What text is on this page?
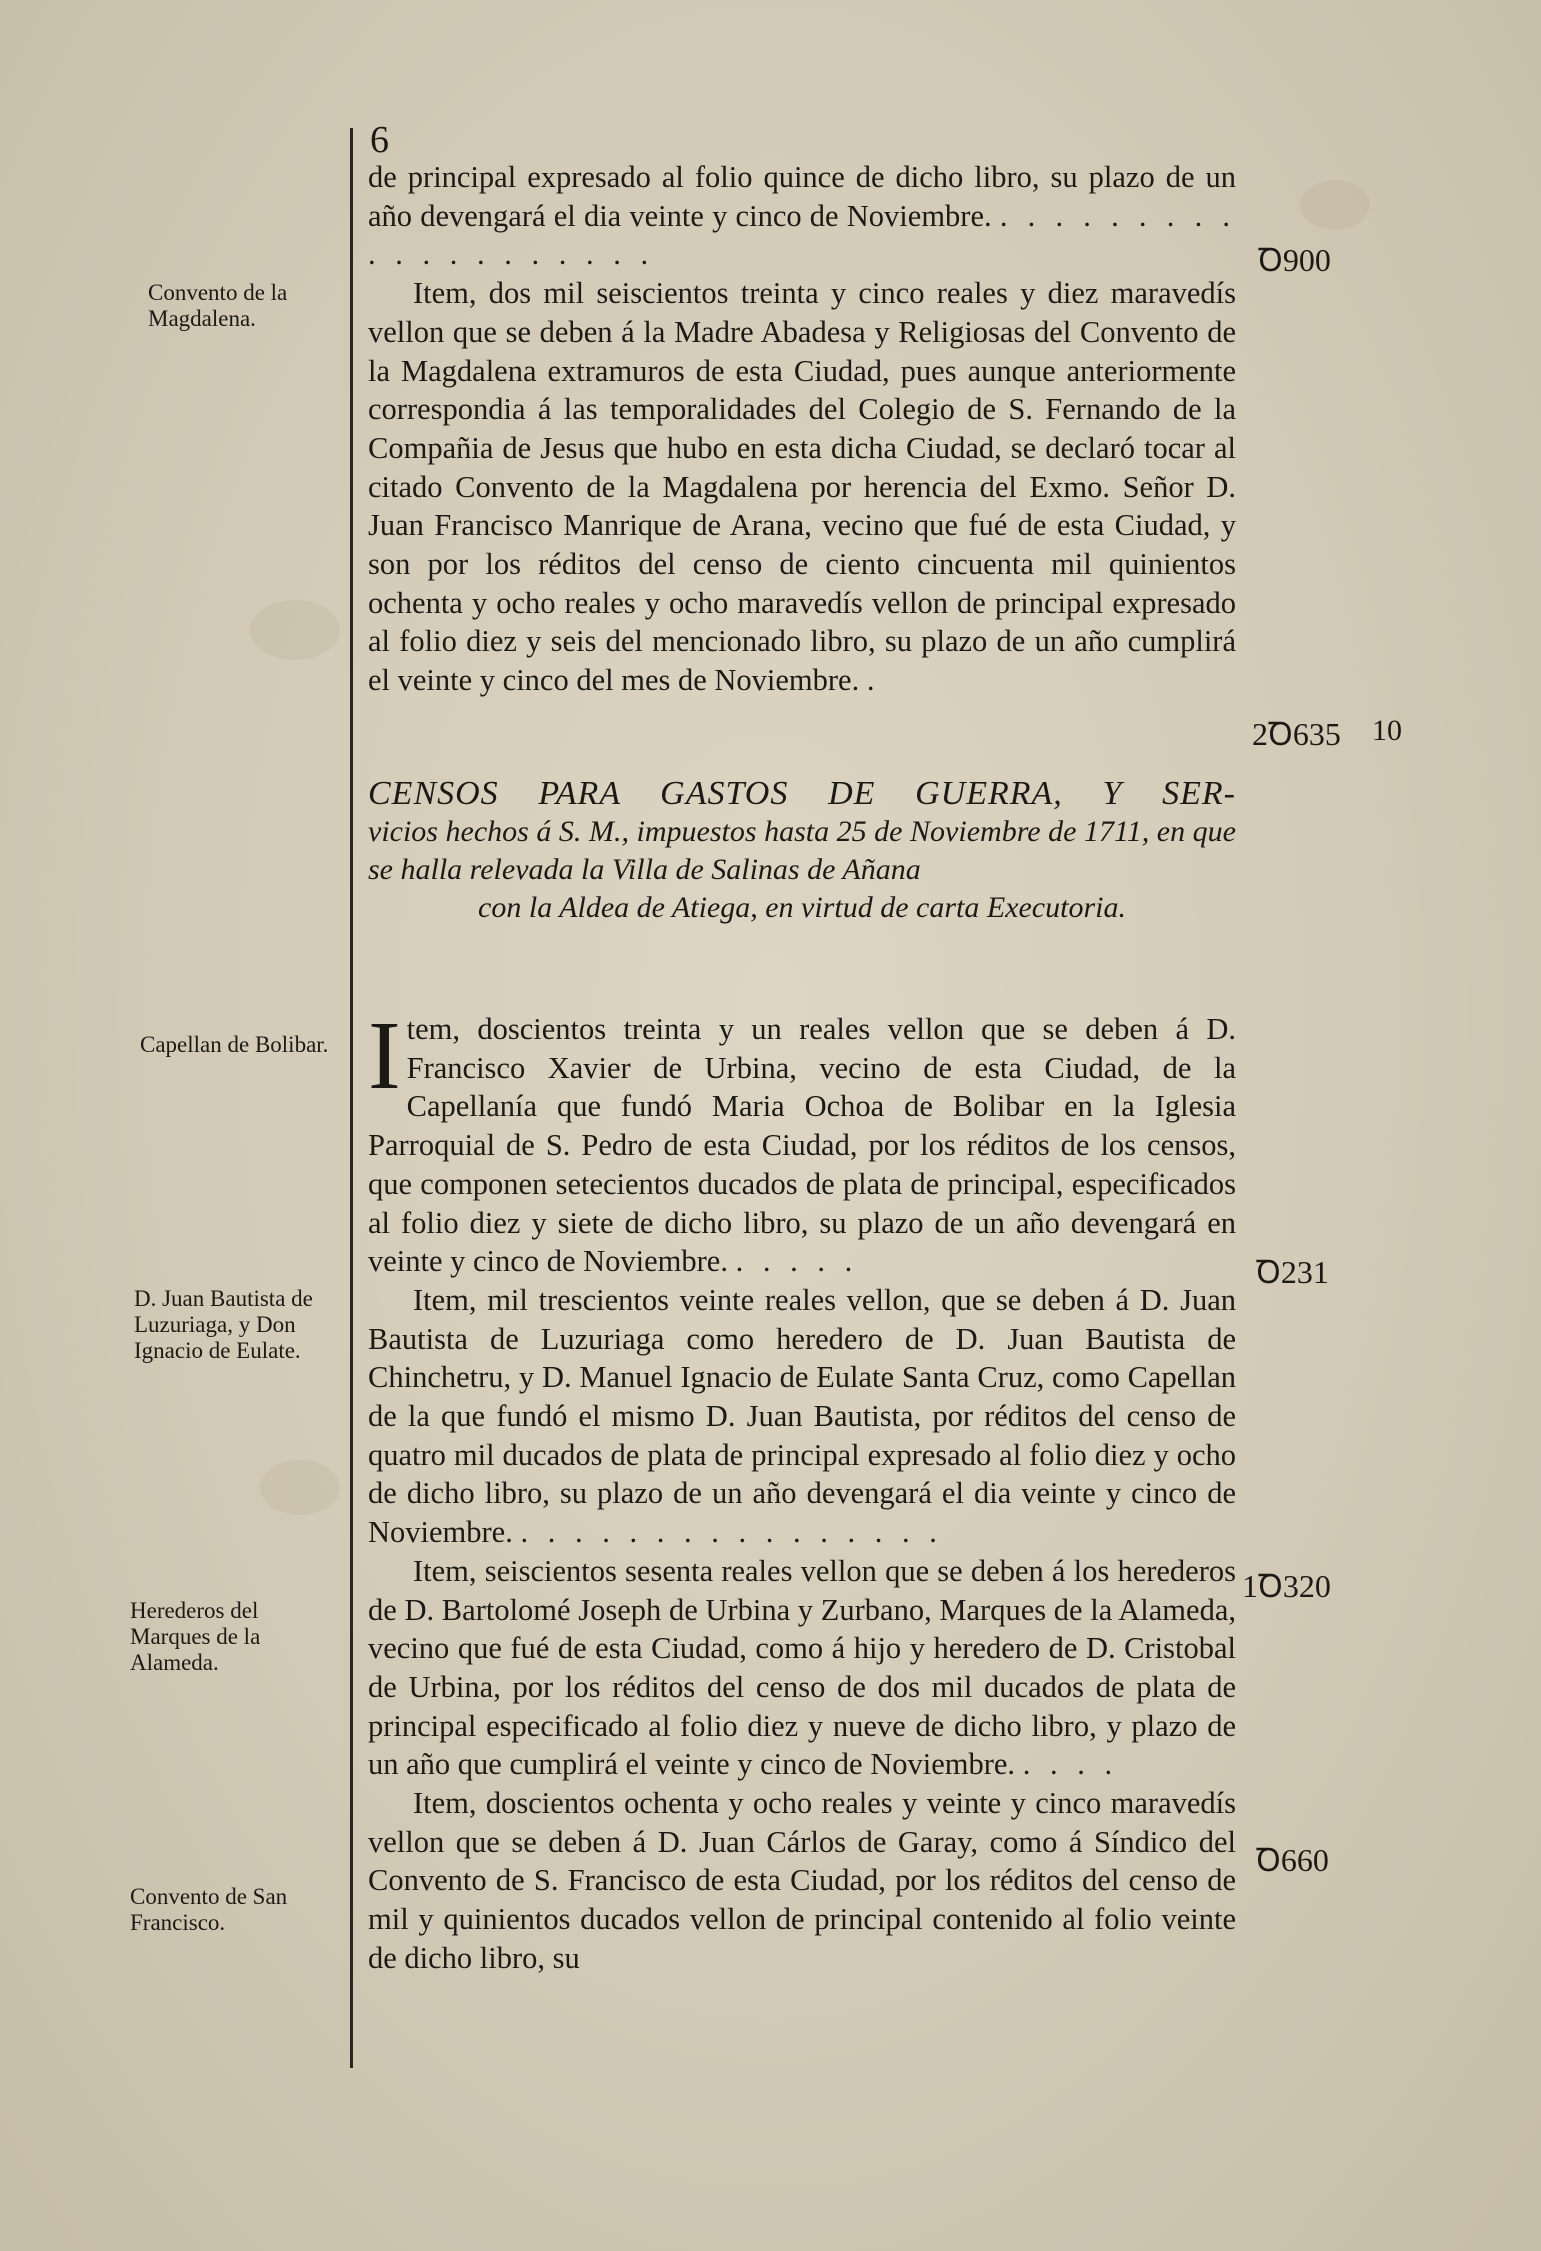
6
Convento de la Magdalena.
Capellan de Bolibar.
D. Juan Bautista de Luzuriaga, y Don Ignacio de Eulate.
Herederos del Marques de la Alameda.
Convento de San Francisco.

de principal expresado al folio quince de dicho libro, su plazo de un año devengará el dia veinte y cinco de Noviembre. . . . . . . . . . . . . . . . . . . . .

Item, dos mil seiscientos treinta y cinco reales y diez maravedís vellon que se deben á la Madre Abadesa y Religiosas del Convento de la Magdalena extramuros de esta Ciudad, pues aunque anteriormente correspondia á las temporalidades del Colegio de S. Fernando de la Compañia de Jesus que hubo en esta dicha Ciudad, se declaró tocar al citado Convento de la Magdalena por herencia del Exmo. Señor D. Juan Francisco Manrique de Arana, vecino que fué de esta Ciudad, y son por los réditos del censo de ciento cincuenta mil quinientos ochenta y ocho reales y ocho maravedís vellon de principal expresado al folio diez y seis del mencionado libro, su plazo de un año cumplirá el veinte y cinco del mes de Noviembre. .

Ꝺ900
2Ꝺ635 10
CENSOS PARA GASTOS DE GUERRA, Y SER-
vicios hechos á S. M., impuestos hasta 25 de Noviembre de 1711, en que se halla relevada la Villa de Salinas de Añana
con la Aldea de Atiega, en virtud de carta Executoria.

Item, doscientos treinta y un reales vellon que se deben á D. Francisco Xavier de Urbina, vecino de esta Ciudad, de la Capellanía que fundó Maria Ochoa de Bolibar en la Iglesia Parroquial de S. Pedro de esta Ciudad, por los réditos de los censos, que componen setecientos ducados de plata de principal, especificados al folio diez y siete de dicho libro, su plazo de un año devengará en veinte y cinco de Noviembre. . . . . .

Item, mil trescientos veinte reales vellon, que se deben á D. Juan Bautista de Luzuriaga como heredero de D. Juan Bautista de Chinchetru, y D. Manuel Ignacio de Eulate Santa Cruz, como Capellan de la que fundó el mismo D. Juan Bautista, por réditos del censo de quatro mil ducados de plata de principal expresado al folio diez y ocho de dicho libro, su plazo de un año devengará el dia veinte y cinco de Noviembre. . . . . . . . . . . . . . . . .

Item, seiscientos sesenta reales vellon que se deben á los herederos de D. Bartolomé Joseph de Urbina y Zurbano, Marques de la Alameda, vecino que fué de esta Ciudad, como á hijo y heredero de D. Cristobal de Urbina, por los réditos del censo de dos mil ducados de plata de principal especificado al folio diez y nueve de dicho libro, y plazo de un año que cumplirá el veinte y cinco de Noviembre. . . . .

Item, doscientos ochenta y ocho reales y veinte y cinco maravedís vellon que se deben á D. Juan Cárlos de Garay, como á Síndico del Convento de S. Francisco de esta Ciudad, por los réditos del censo de mil y quinientos ducados vellon de principal contenido al folio veinte de dicho libro, su

Ꝺ231
1Ꝺ320
Ꝺ660
